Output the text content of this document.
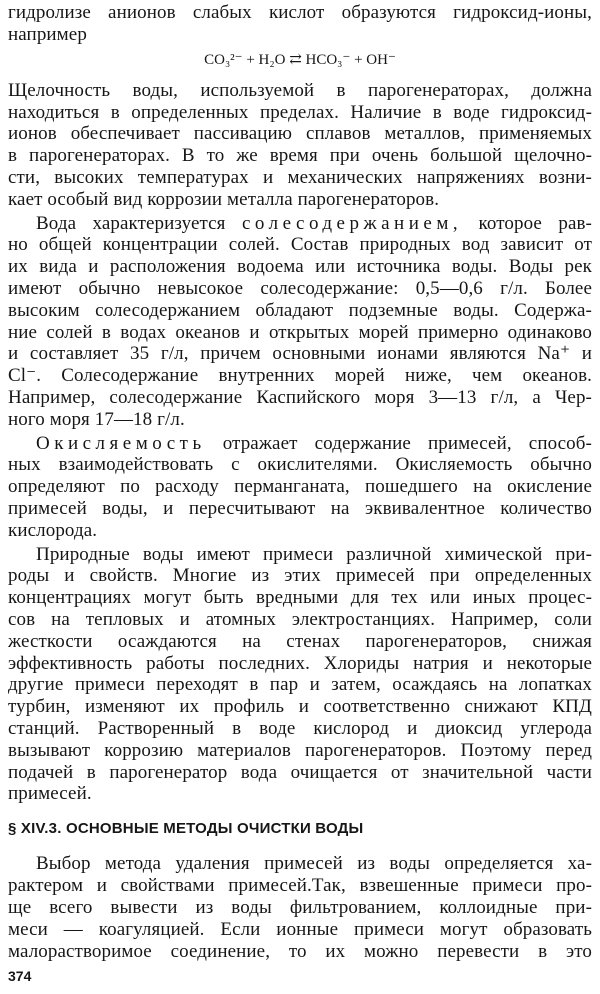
гидролизе анионов слабых кислот образуются гидроксид-ионы,
например
CO₃²⁻ + H₂O ⇄ HCO₃⁻ + OH⁻
Щелочность воды, используемой в парогенераторах, должна
находиться в определенных пределах. Наличие в воде гидроксид-
ионов обеспечивает пассивацию сплавов металлов, применяемых
в парогенераторах. В то же время при очень большой щелочно-
сти, высоких температурах и механических напряжениях возни-
кает особый вид коррозии металла парогенераторов.
Вода характеризуется солесодержанием, которое рав-
но общей концентрации солей. Состав природных вод зависит от
их вида и расположения водоема или источника воды. Воды рек
имеют обычно невысокое солесодержание: 0,5—0,6 г/л. Более
высоким солесодержанием обладают подземные воды. Содержа-
ние солей в водах океанов и открытых морей примерно одинаково
и составляет 35 г/л, причем основными ионами являются Na⁺ и
Cl⁻. Солесодержание внутренних морей ниже, чем океанов.
Например, солесодержание Каспийского моря 3—13 г/л, а Чер-
ного моря 17—18 г/л.
Окисляемость отражает содержание примесей, способ-
ных взаимодействовать с окислителями. Окисляемость обычно
определяют по расходу перманганата, пошедшего на окисление
примесей воды, и пересчитывают на эквивалентное количество
кислорода.
Природные воды имеют примеси различной химической при-
роды и свойств. Многие из этих примесей при определенных
концентрациях могут быть вредными для тех или иных процес-
сов на тепловых и атомных электростанциях. Например, соли
жесткости осаждаются на стенах парогенераторов, снижая
эффективность работы последних. Хлориды натрия и некоторые
другие примеси переходят в пар и затем, осаждаясь на лопатках
турбин, изменяют их профиль и соответственно снижают КПД
станций. Растворенный в воде кислород и диоксид углерода
вызывают коррозию материалов парогенераторов. Поэтому перед
подачей в парогенератор вода очищается от значительной части
примесей.
§ XIV.3. ОСНОВНЫЕ МЕТОДЫ ОЧИСТКИ ВОДЫ
Выбор метода удаления примесей из воды определяется ха-
рактером и свойствами примесей.Так, взвешенные примеси про-
ще всего вывести из воды фильтрованием, коллоидные при-
меси — коагуляцией. Если ионные примеси могут образовать
малорастворимое соединение, то их можно перевести в это
374
